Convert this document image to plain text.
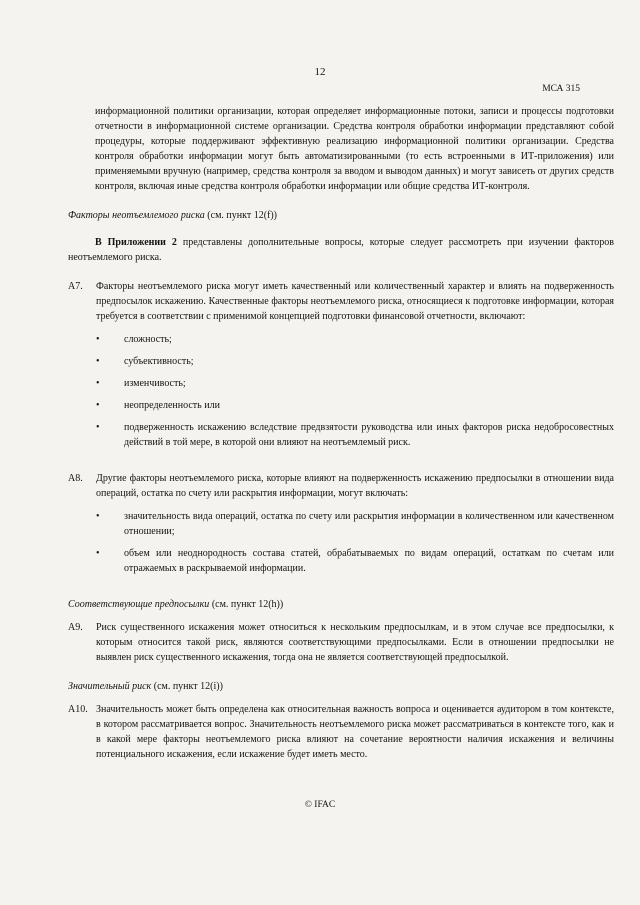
12
МСА 315
информационной политики организации, которая определяет информационные потоки, записи и процессы подготовки отчетности в информационной системе организации. Средства контроля обработки информации представляют собой процедуры, которые поддерживают эффективную реализацию информационной политики организации. Средства контроля обработки информации могут быть автоматизированными (то есть встроенными в ИТ-приложения) или применяемыми вручную (например, средства контроля за вводом и выводом данных) и могут зависеть от других средств контроля, включая иные средства контроля обработки информации или общие средства ИТ-контроля.
Факторы неотъемлемого риска (см. пункт 12(f))
В Приложении 2 представлены дополнительные вопросы, которые следует рассмотреть при изучении факторов неотъемлемого риска.
А7.	Факторы неотъемлемого риска могут иметь качественный или количественный характер и влиять на подверженность предпосылок искажению. Качественные факторы неотъемлемого риска, относящиеся к подготовке информации, которая требуется в соответствии с применимой концепцией подготовки финансовой отчетности, включают:
•	сложность;
•	субъективность;
•	изменчивость;
•	неопределенность или
•	подверженность искажению вследствие предвзятости руководства или иных факторов риска недобросовестных действий в той мере, в которой они влияют на неотъемлемый риск.
А8.	Другие факторы неотъемлемого риска, которые влияют на подверженность искажению предпосылки в отношении вида операций, остатка по счету или раскрытия информации, могут включать:
•	значительность вида операций, остатка по счету или раскрытия информации в количественном или качественном отношении;
•	объем или неоднородность состава статей, обрабатываемых по видам операций, остаткам по счетам или отражаемых в раскрываемой информации.
Соответствующие предпосылки (см. пункт 12(h))
А9.	Риск существенного искажения может относиться к нескольким предпосылкам, и в этом случае все предпосылки, к которым относится такой риск, являются соответствующими предпосылками. Если в отношении предпосылки не выявлен риск существенного искажения, тогда она не является соответствующей предпосылкой.
Значительный риск (см. пункт 12(i))
А10. Значительность может быть определена как относительная важность вопроса и оценивается аудитором в том контексте, в котором рассматривается вопрос. Значительность неотъемлемого риска может рассматриваться в контексте того, как и в какой мере факторы неотъемлемого риска влияют на сочетание вероятности наличия искажения и величины потенциального искажения, если искажение будет иметь место.
© IFAC
